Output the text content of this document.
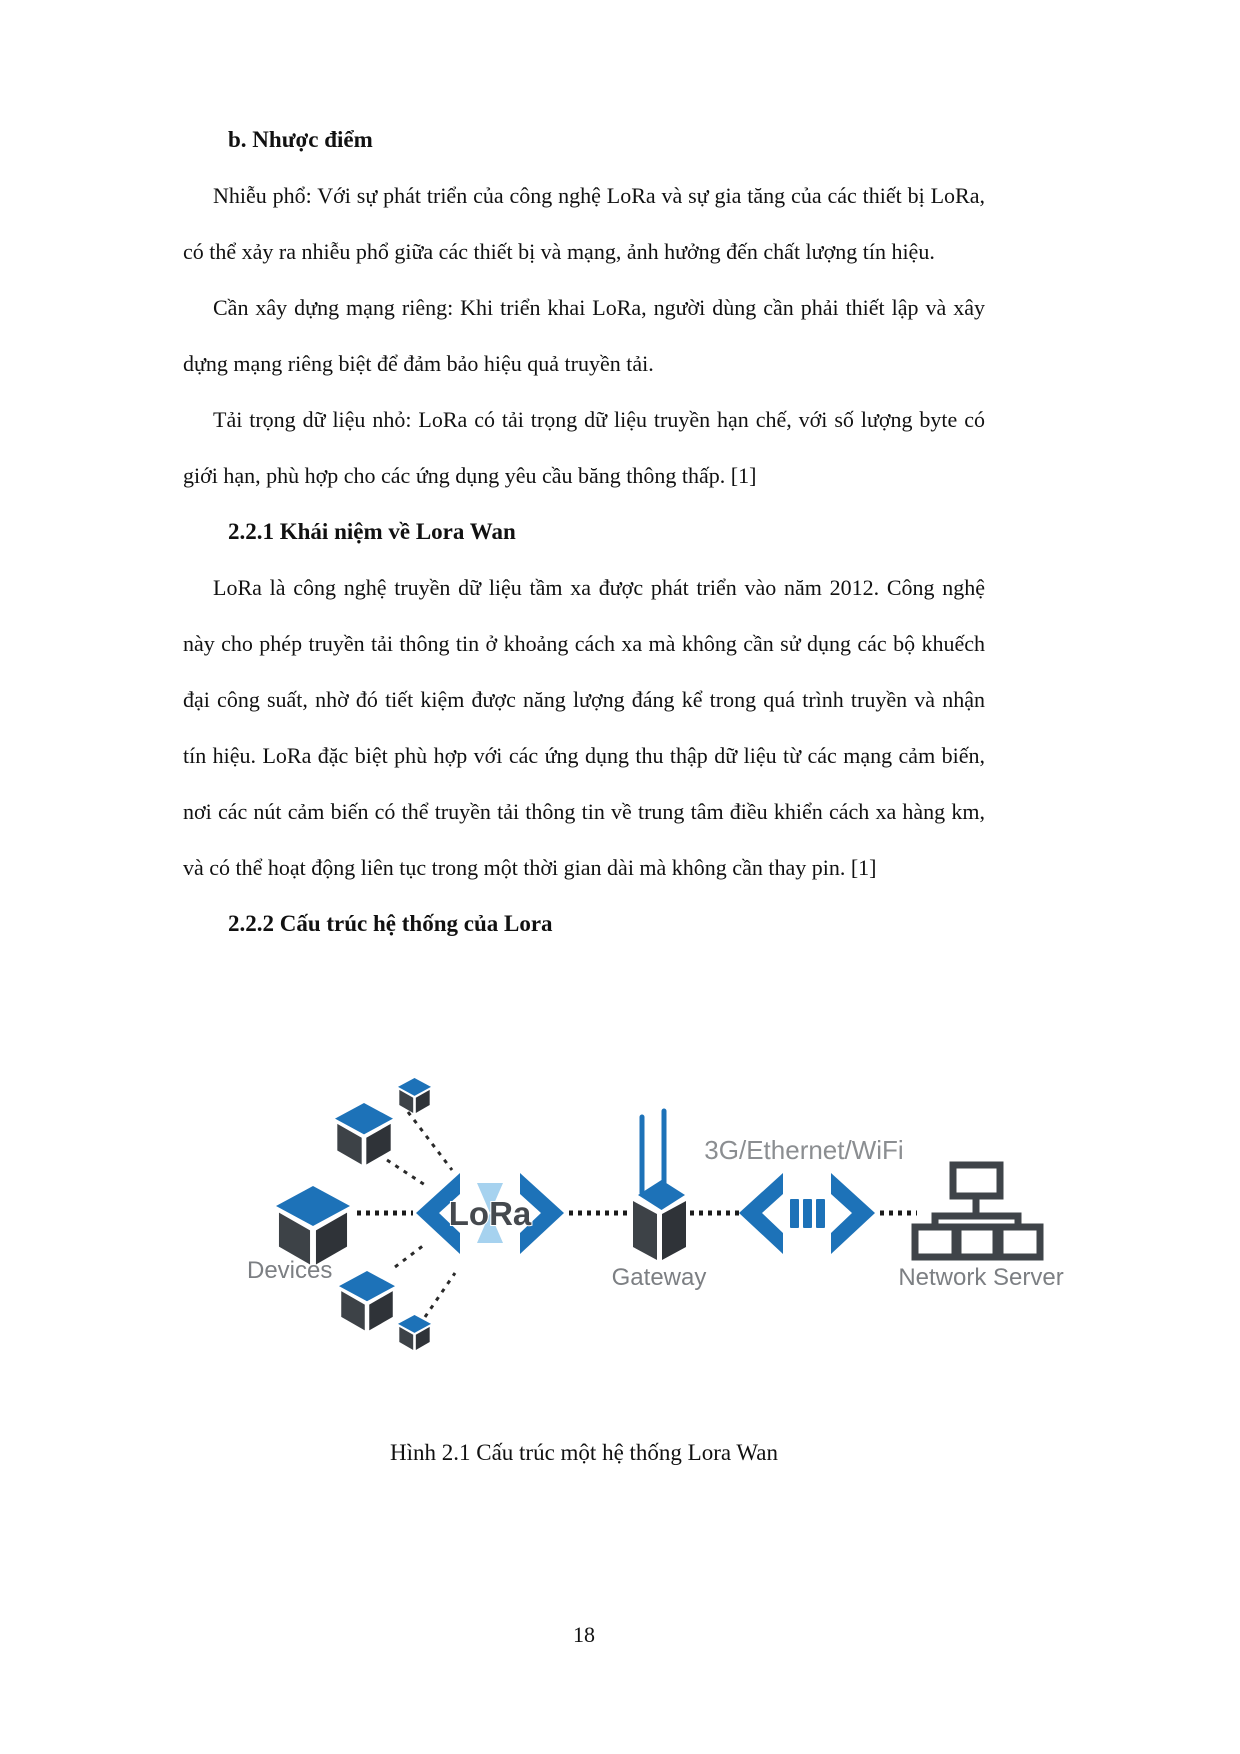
b. Nhược điểm

Nhiễu phổ: Với sự phát triển của công nghệ LoRa và sự gia tăng của các thiết bị LoRa, có thể xảy ra nhiễu phổ giữa các thiết bị và mạng, ảnh hưởng đến chất lượng tín hiệu.

Cần xây dựng mạng riêng: Khi triển khai LoRa, người dùng cần phải thiết lập và xây dựng mạng riêng biệt để đảm bảo hiệu quả truyền tải.

Tải trọng dữ liệu nhỏ: LoRa có tải trọng dữ liệu truyền hạn chế, với số lượng byte có giới hạn, phù hợp cho các ứng dụng yêu cầu băng thông thấp. [1]

2.2.1 Khái niệm về Lora Wan

LoRa là công nghệ truyền dữ liệu tầm xa được phát triển vào năm 2012. Công nghệ này cho phép truyền tải thông tin ở khoảng cách xa mà không cần sử dụng các bộ khuếch đại công suất, nhờ đó tiết kiệm được năng lượng đáng kể trong quá trình truyền và nhận tín hiệu. LoRa đặc biệt phù hợp với các ứng dụng thu thập dữ liệu từ các mạng cảm biến, nơi các nút cảm biến có thể truyền tải thông tin về trung tâm điều khiển cách xa hàng km, và có thể hoạt động liên tục trong một thời gian dài mà không cần thay pin. [1]

2.2.2 Cấu trúc hệ thống của Lora
Devices
LoRa
Gateway
3G/Ethernet/WiFi
Network Server
Hình 2.1 Cấu trúc một hệ thống Lora Wan
18
